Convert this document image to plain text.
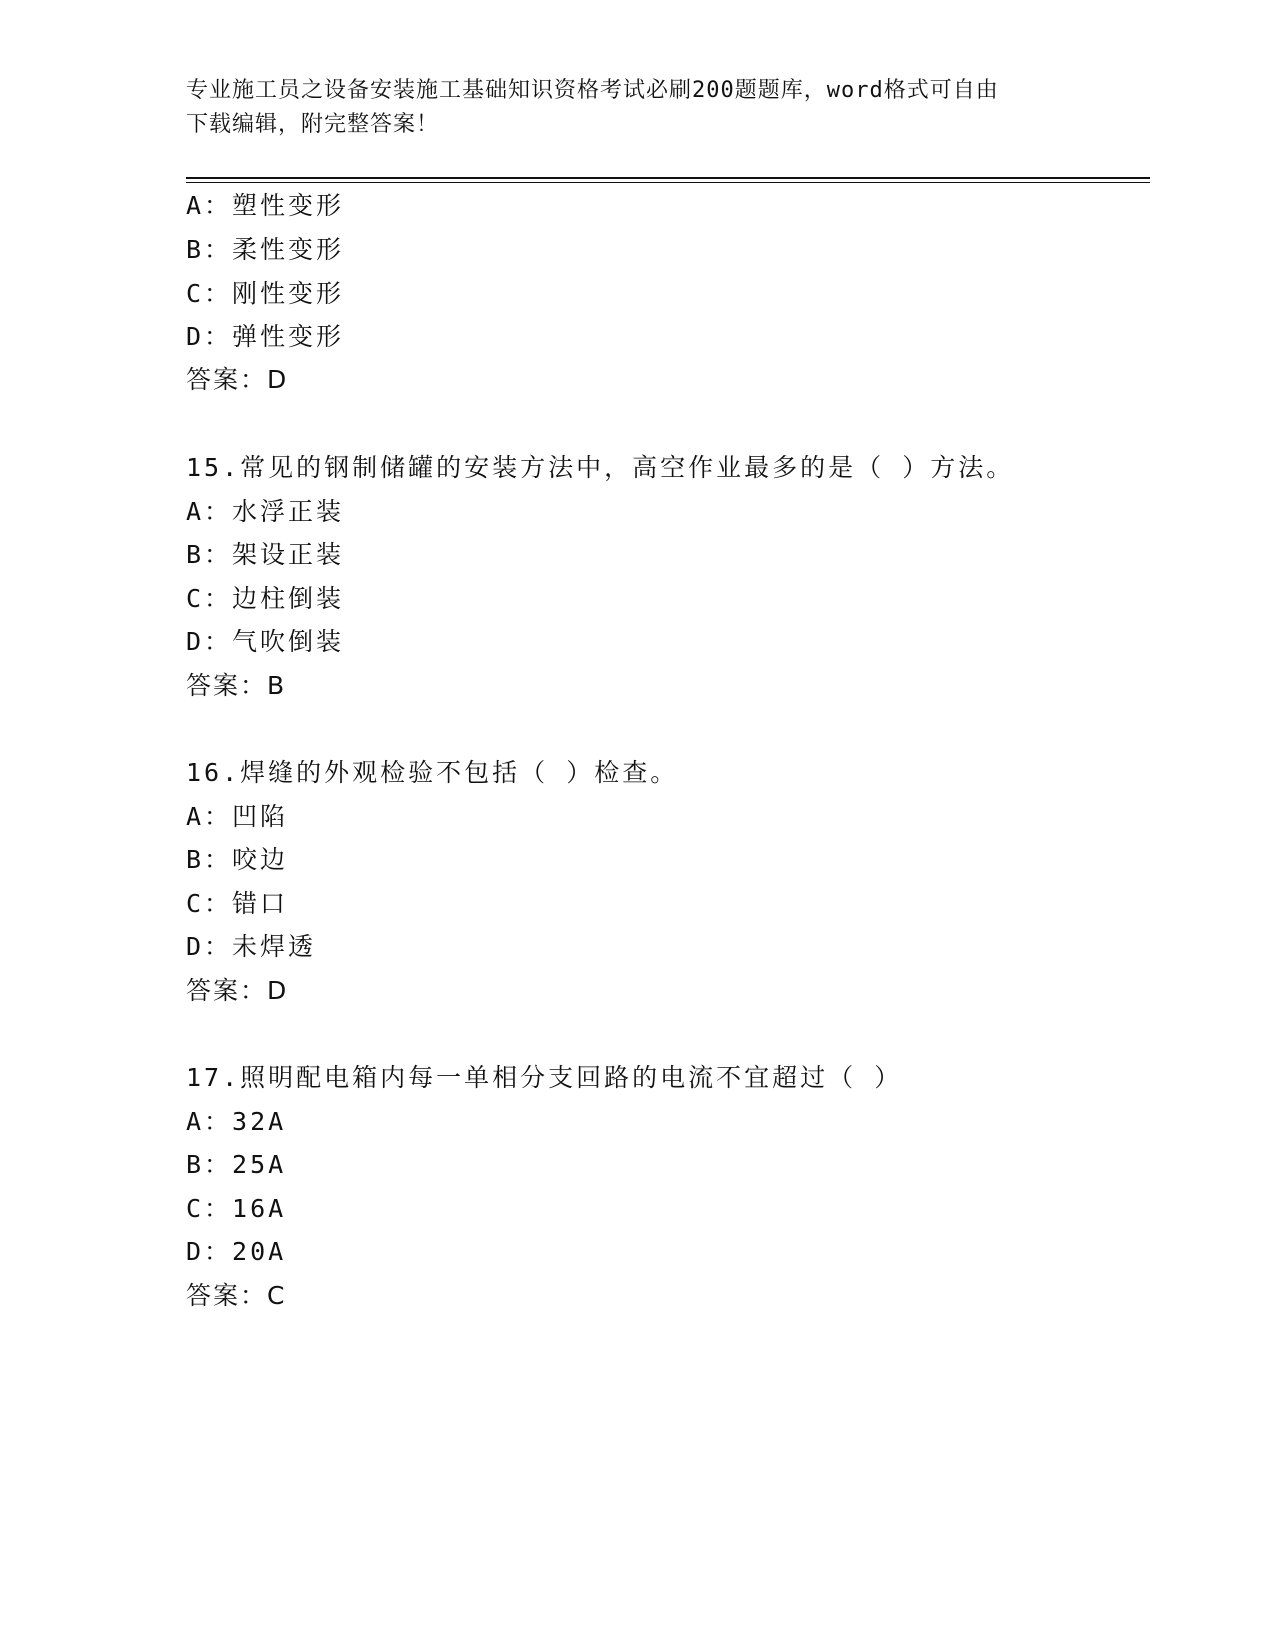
专业施工员之设备安装施工基础知识资格考试必刷200题题库，word格式可自由
下载编辑，附完整答案！
A：塑性变形
B：柔性变形
C：刚性变形
D：弹性变形
答案：D
15.常见的钢制储罐的安装方法中，高空作业最多的是（ ）方法。
A：水浮正装
B：架设正装
C：边柱倒装
D：气吹倒装
答案：B
16.焊缝的外观检验不包括（ ）检查。
A：凹陷
B：咬边
C：错口
D：未焊透
答案：D
17.照明配电箱内每一单相分支回路的电流不宜超过（ ）
A：32A
B：25A
C：16A
D：20A
答案：C
